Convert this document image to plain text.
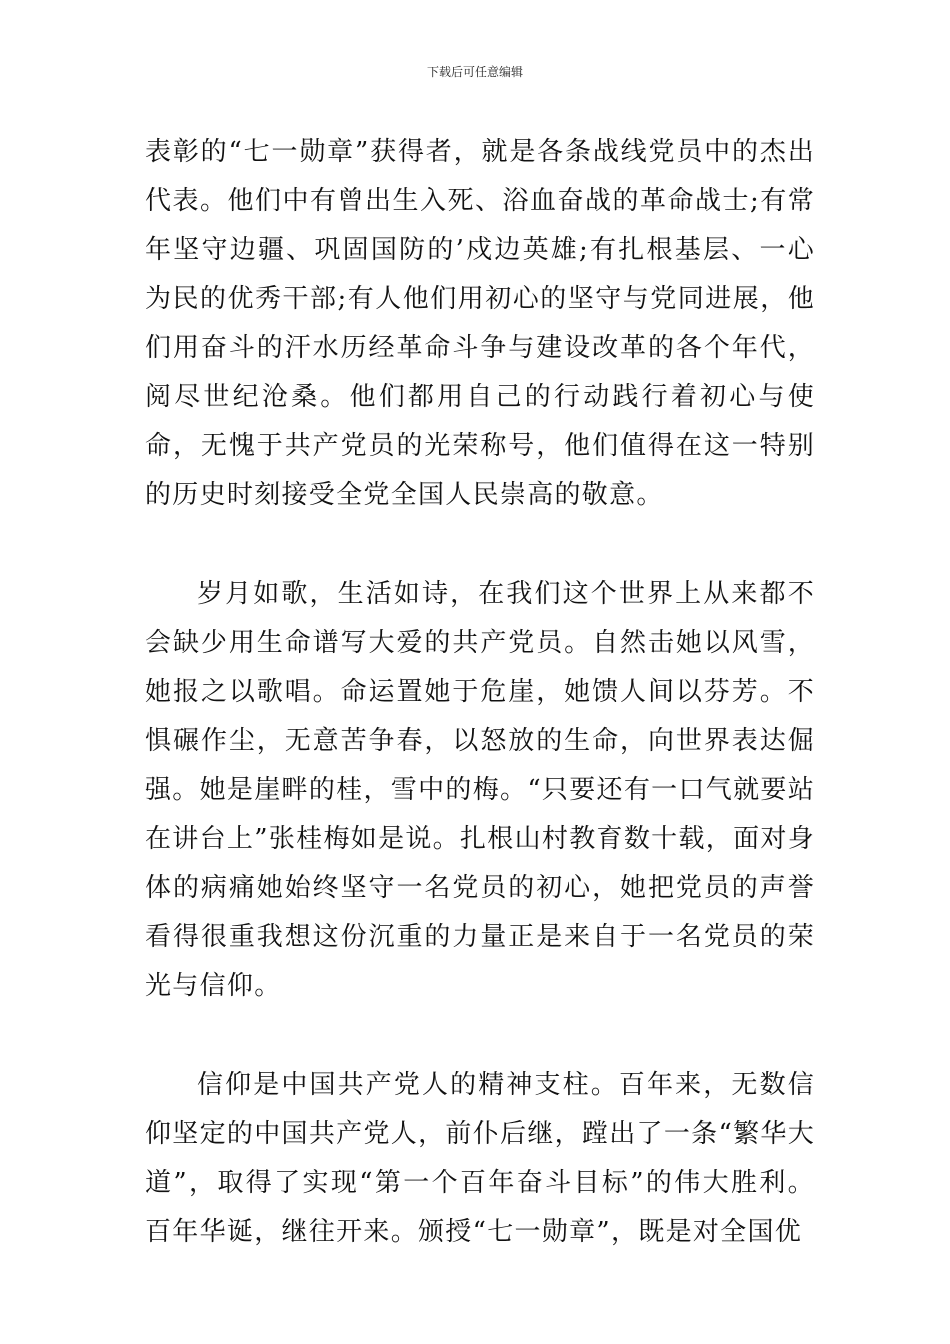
下载后可任意编辑

表彰的“七一勋章”获得者，就是各条战线党员中的杰出代表。他们中有曾出生入死、浴血奋战的革命战士;有常年坚守边疆、巩固国防的’戍边英雄;有扎根基层、一心为民的优秀干部;有人他们用初心的坚守与党同进展，他们用奋斗的汗水历经革命斗争与建设改革的各个年代，阅尽世纪沧桑。他们都用自己的行动践行着初心与使命，无愧于共产党员的光荣称号，他们值得在这一特别的历史时刻接受全党全国人民崇高的敬意。

岁月如歌，生活如诗，在我们这个世界上从来都不会缺少用生命谱写大爱的共产党员。自然击她以风雪，她报之以歌唱。命运置她于危崖，她馈人间以芬芳。不惧碾作尘，无意苦争春，以怒放的生命，向世界表达倔强。她是崖畔的桂，雪中的梅。“只要还有一口气就要站在讲台上”张桂梅如是说。扎根山村教育数十载，面对身体的病痛她始终坚守一名党员的初心，她把党员的声誉看得很重我想这份沉重的力量正是来自于一名党员的荣光与信仰。

信仰是中国共产党人的精神支柱。百年来，无数信仰坚定的中国共产党人，前仆后继，蹚出了一条“繁华大道”，取得了实现“第一个百年奋斗目标”的伟大胜利。百年华诞，继往开来。颁授“七一勋章”，既是对全国优
